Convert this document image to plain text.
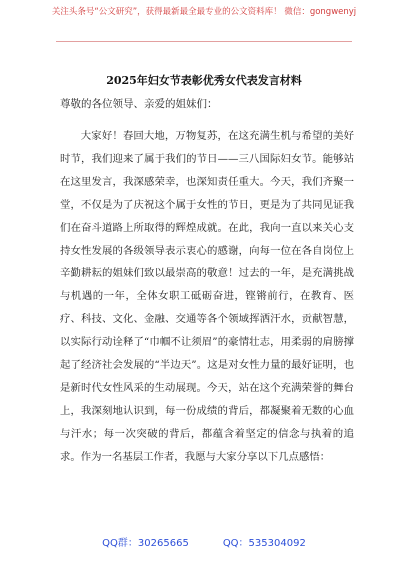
关注头条号“公文研究”，获得最新最全最专业的公文资料库！ 微信：gongwenyj
2025年妇女节表彰优秀女代表发言材料
尊敬的各位领导、亲爱的姐妹们：

大家好！春回大地，万物复苏，在这充满生机与希望的美好时节，我们迎来了属于我们的节日——三八国际妇女节。能够站在这里发言，我深感荣幸，也深知责任重大。今天，我们齐聚一堂，不仅是为了庆祝这个属于女性的节日，更是为了共同见证我们在奋斗道路上所取得的辉煌成就。在此，我向一直以来关心支持女性发展的各级领导表示衷心的感谢，向每一位在各自岗位上辛勤耕耘的姐妹们致以最崇高的敬意！过去的一年，是充满挑战与机遇的一年，全体女职工砥砺奋进，铿锵前行，在教育、医疗、科技、文化、金融、交通等各个领域挥洒汗水，贡献智慧，以实际行动诠释了“巾帼不让须眉”的豪情壮志，用柔弱的肩膀撑起了经济社会发展的“半边天”。这是对女性力量的最好证明，也是新时代女性风采的生动展现。今天，站在这个充满荣誉的舞台上，我深刻地认识到，每一份成绩的背后，都凝聚着无数的心血与汗水；每一次突破的背后，都蕴含着坚定的信念与执着的追求。作为一名基层工作者，我愿与大家分享以下几点感悟：

QQ群：30265665	QQ：535304092
